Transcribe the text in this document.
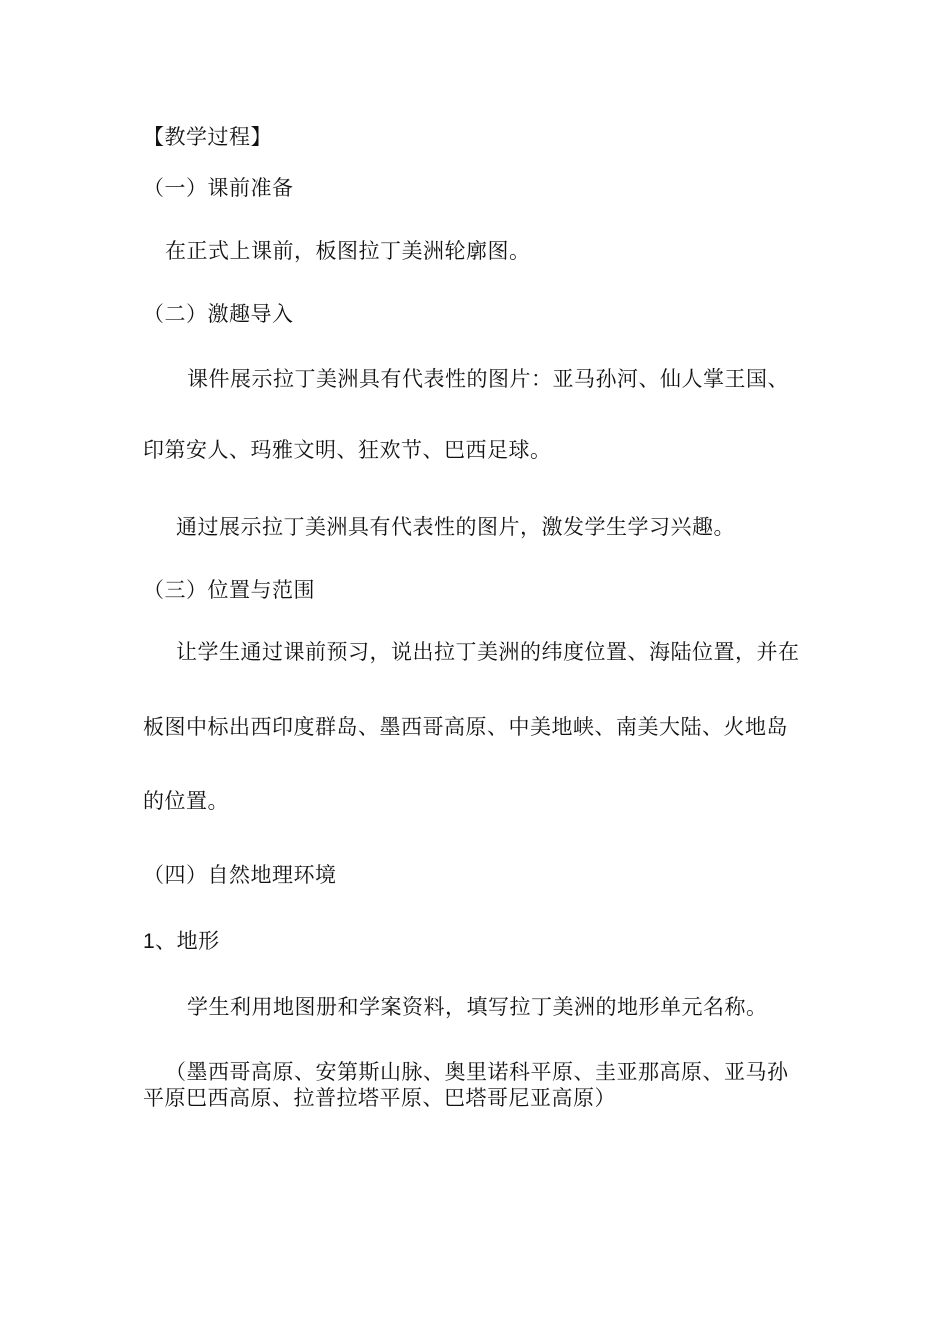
【教学过程】
（一）课前准备
在正式上课前，板图拉丁美洲轮廓图。
（二）激趣导入
课件展示拉丁美洲具有代表性的图片：亚马孙河、仙人掌王国、
印第安人、玛雅文明、狂欢节、巴西足球。
通过展示拉丁美洲具有代表性的图片，激发学生学习兴趣。
（三）位置与范围
让学生通过课前预习，说出拉丁美洲的纬度位置、海陆位置，并在
板图中标出西印度群岛、墨西哥高原、中美地峡、南美大陆、火地岛
的位置。
（四）自然地理环境
1、地形
学生利用地图册和学案资料，填写拉丁美洲的地形单元名称。
（墨西哥高原、安第斯山脉、奥里诺科平原、圭亚那高原、亚马孙
平原巴西高原、拉普拉塔平原、巴塔哥尼亚高原）
